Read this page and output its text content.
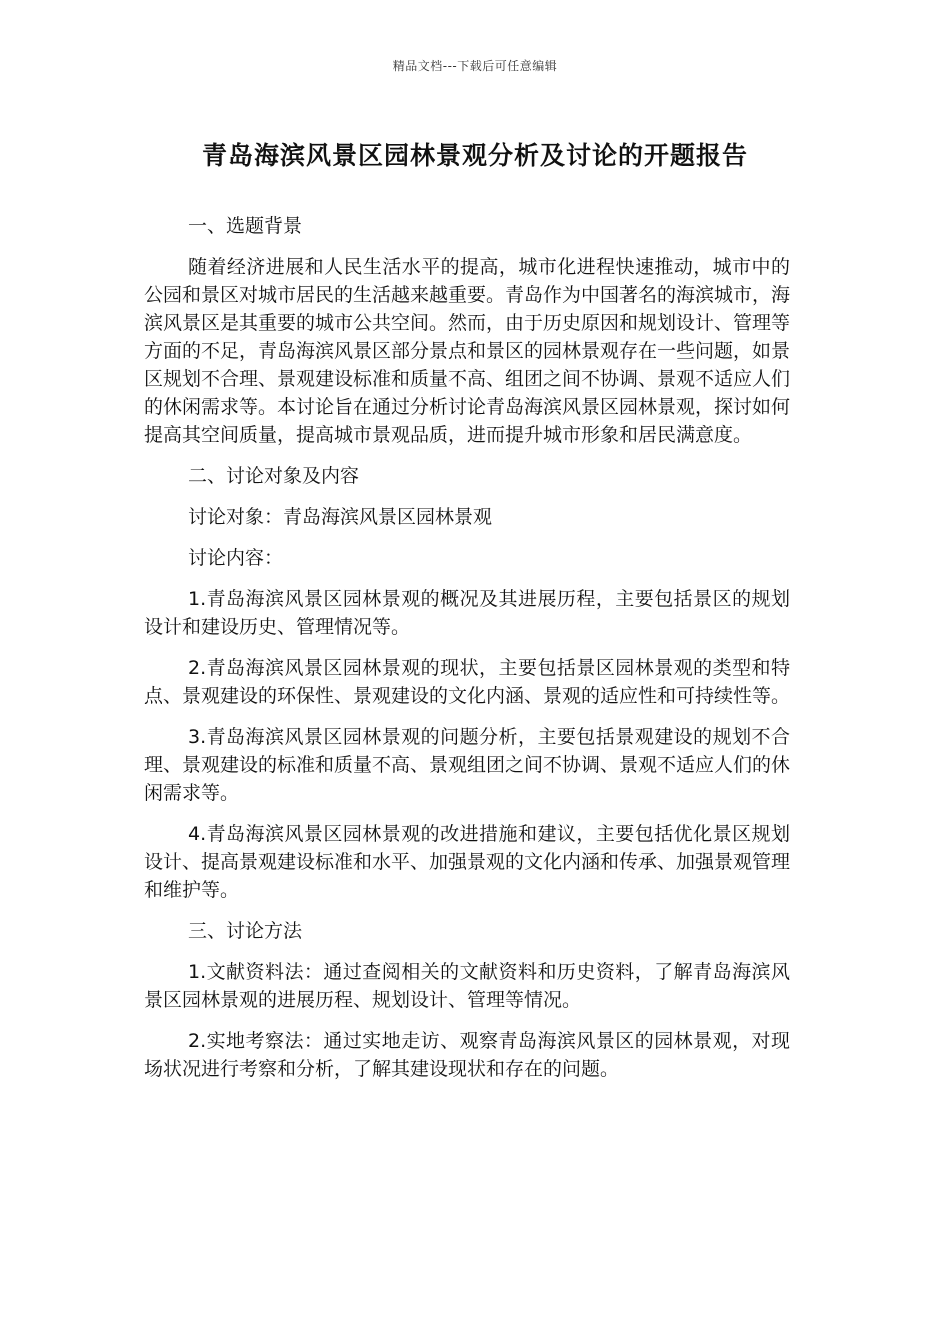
精品文档---下载后可任意编辑
青岛海滨风景区园林景观分析及讨论的开题报告

一、选题背景

随着经济进展和人民生活水平的提高，城市化进程快速推动，城市中的公园和景区对城市居民的生活越来越重要。青岛作为中国著名的海滨城市，海滨风景区是其重要的城市公共空间。然而，由于历史原因和规划设计、管理等方面的不足，青岛海滨风景区部分景点和景区的园林景观存在一些问题，如景区规划不合理、景观建设标准和质量不高、组团之间不协调、景观不适应人们的休闲需求等。本讨论旨在通过分析讨论青岛海滨风景区园林景观，探讨如何提高其空间质量，提高城市景观品质，进而提升城市形象和居民满意度。

二、讨论对象及内容

讨论对象：青岛海滨风景区园林景观

讨论内容：

1.青岛海滨风景区园林景观的概况及其进展历程，主要包括景区的规划设计和建设历史、管理情况等。

2.青岛海滨风景区园林景观的现状，主要包括景区园林景观的类型和特点、景观建设的环保性、景观建设的文化内涵、景观的适应性和可持续性等。

3.青岛海滨风景区园林景观的问题分析，主要包括景观建设的规划不合理、景观建设的标准和质量不高、景观组团之间不协调、景观不适应人们的休闲需求等。

4.青岛海滨风景区园林景观的改进措施和建议，主要包括优化景区规划设计、提高景观建设标准和水平、加强景观的文化内涵和传承、加强景观管理和维护等。

三、讨论方法

1.文献资料法：通过查阅相关的文献资料和历史资料，了解青岛海滨风景区园林景观的进展历程、规划设计、管理等情况。

2.实地考察法：通过实地走访、观察青岛海滨风景区的园林景观，对现场状况进行考察和分析，了解其建设现状和存在的问题。
